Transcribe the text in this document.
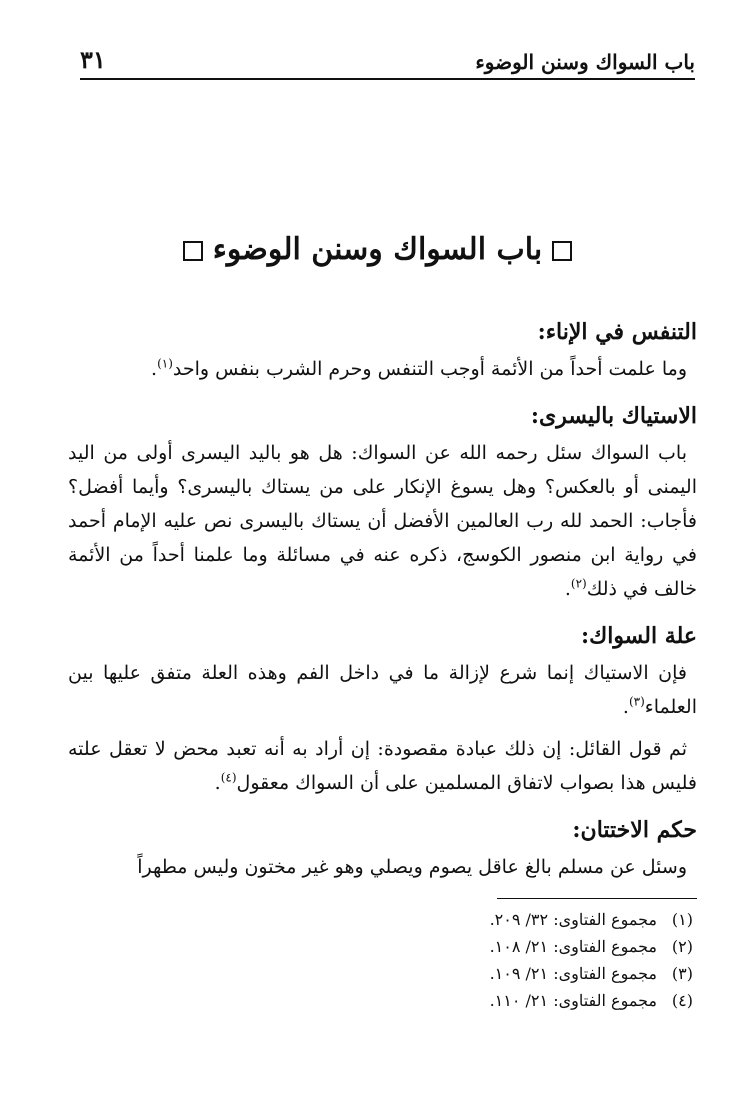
باب السواك وسنن الوضوء
٣١
باب السواك وسنن الوضوء

التنفس في الإناء:

وما علمت أحداً من الأئمة أوجب التنفس وحرم الشرب بنفس واحد$^{(١)}$.

الاستياك باليسرى:

باب السواك سئل رحمه الله عن السواك: هل هو باليد اليسرى أولى من اليد اليمنى أو بالعكس؟ وهل يسوغ الإنكار على من يستاك باليسرى؟ وأيما أفضل؟ فأجاب: الحمد لله رب العالمين الأفضل أن يستاك باليسرى نص عليه الإمام أحمد في رواية ابن منصور الكوسج، ذكره عنه في مسائلة وما علمنا أحداً من الأئمة خالف في ذلك$^{(٢)}$.

علة السواك:

فإن الاستياك إنما شرع لإزالة ما في داخل الفم وهذه العلة متفق عليها بين العلماء$^{(٣)}$.

ثم قول القائل: إن ذلك عبادة مقصودة: إن أراد به أنه تعبد محض لا تعقل علته فليس هذا بصواب لاتفاق المسلمين على أن السواك معقول$^{(٤)}$.

حكم الاختتان:

وسئل عن مسلم بالغ عاقل يصوم ويصلي وهو غير مختون وليس مطهراً

(١)مجموع الفتاوى: ٣٢/ ٢٠٩.

(٢)مجموع الفتاوى: ٢١/ ١٠٨.

(٣)مجموع الفتاوى: ٢١/ ١٠٩.

(٤)مجموع الفتاوى: ٢١/ ١١٠.
